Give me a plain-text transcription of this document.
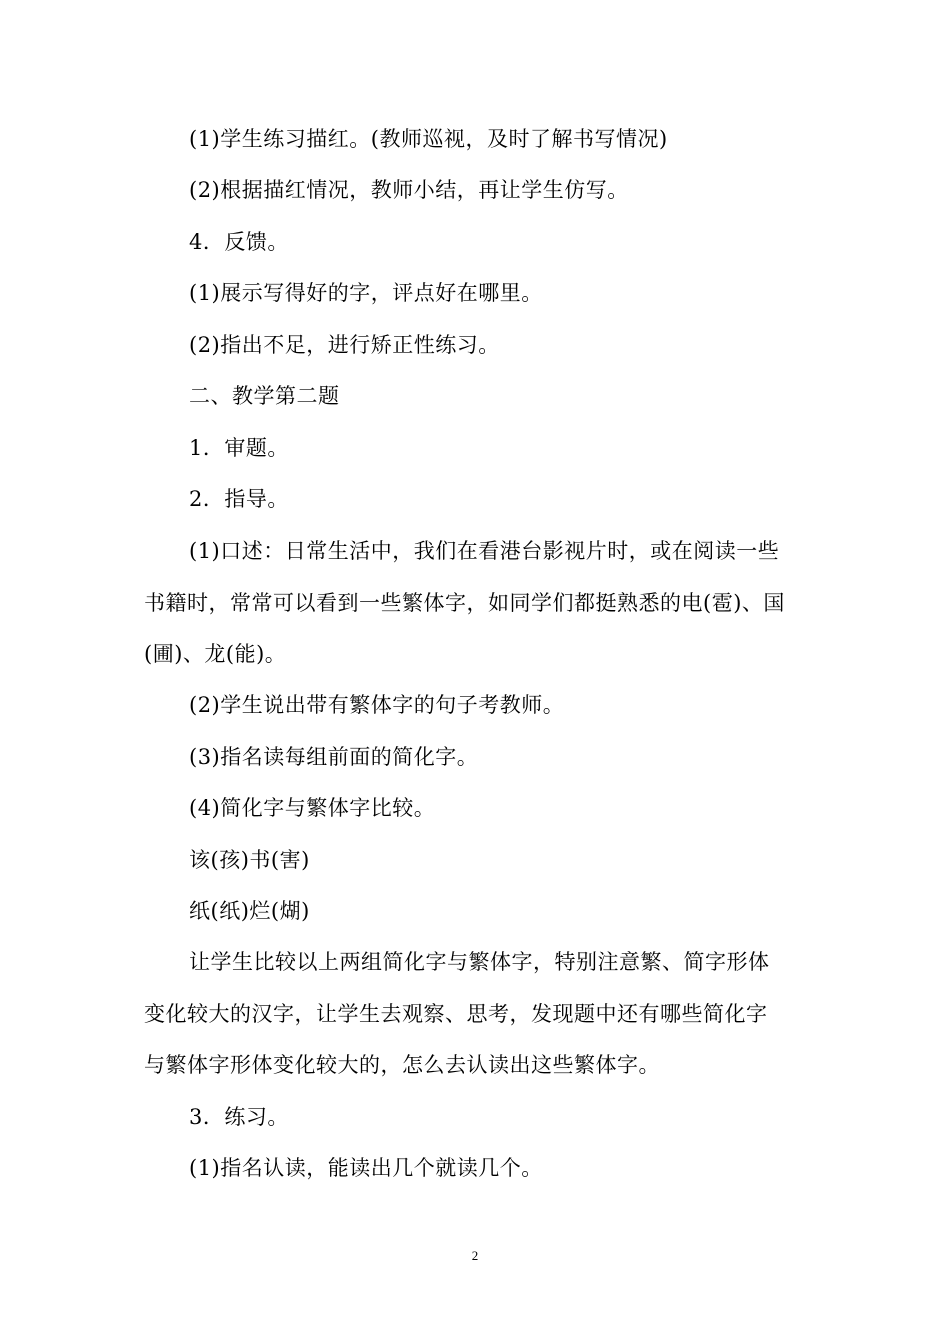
(1)学生练习描红。(教师巡视，及时了解书写情况)
(2)根据描红情况，教师小结，再让学生仿写。
4．反馈。
(1)展示写得好的字，评点好在哪里。
(2)指出不足，进行矫正性练习。
二、教学第二题
1．审题。
2．指导。
(1)口述：日常生活中，我们在看港台影视片时，或在阅读一些
书籍时，常常可以看到一些繁体字，如同学们都挺熟悉的电(雹)、国
(圃)、龙(能)。
(2)学生说出带有繁体字的句子考教师。
(3)指名读每组前面的简化字。
(4)简化字与繁体字比较。
该(孩)书(害)
纸(纸)烂(煳)
让学生比较以上两组简化字与繁体字，特别注意繁、简字形体
变化较大的汉字，让学生去观察、思考，发现题中还有哪些简化字
与繁体字形体变化较大的，怎么去认读出这些繁体字。
3．练习。
(1)指名认读，能读出几个就读几个。
2
